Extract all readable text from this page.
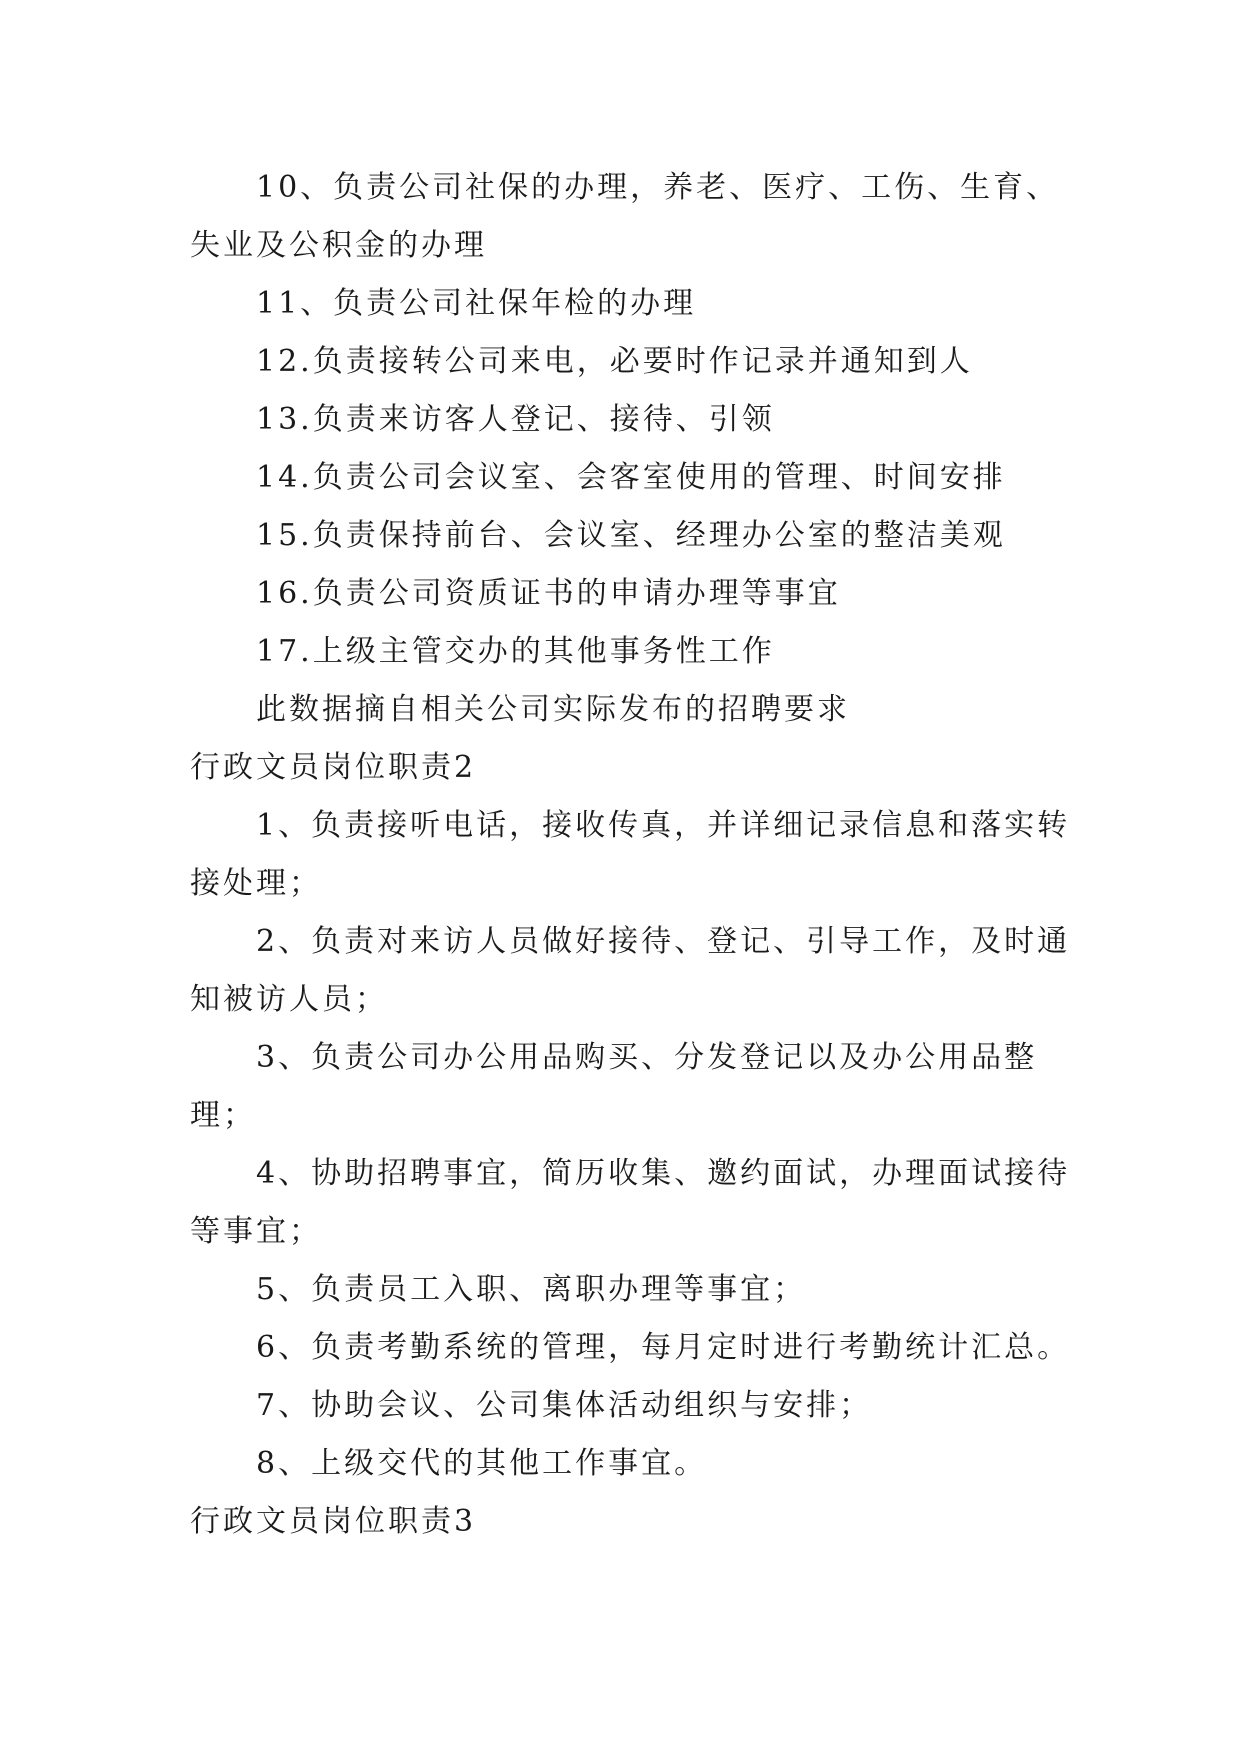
10、负责公司社保的办理，养老、医疗、工伤、生育、失业及公积金的办理

11、负责公司社保年检的办理

12.负责接转公司来电，必要时作记录并通知到人

13.负责来访客人登记、接待、引领

14.负责公司会议室、会客室使用的管理、时间安排

15.负责保持前台、会议室、经理办公室的整洁美观

16.负责公司资质证书的申请办理等事宜

17.上级主管交办的其他事务性工作

此数据摘自相关公司实际发布的招聘要求

行政文员岗位职责2

1、负责接听电话，接收传真，并详细记录信息和落实转接处理；

2、负责对来访人员做好接待、登记、引导工作，及时通知被访人员；

3、负责公司办公用品购买、分发登记以及办公用品整理；

4、协助招聘事宜，简历收集、邀约面试，办理面试接待等事宜；

5、负责员工入职、离职办理等事宜；

6、负责考勤系统的管理，每月定时进行考勤统计汇总。

7、协助会议、公司集体活动组织与安排；

8、上级交代的其他工作事宜。

行政文员岗位职责3
